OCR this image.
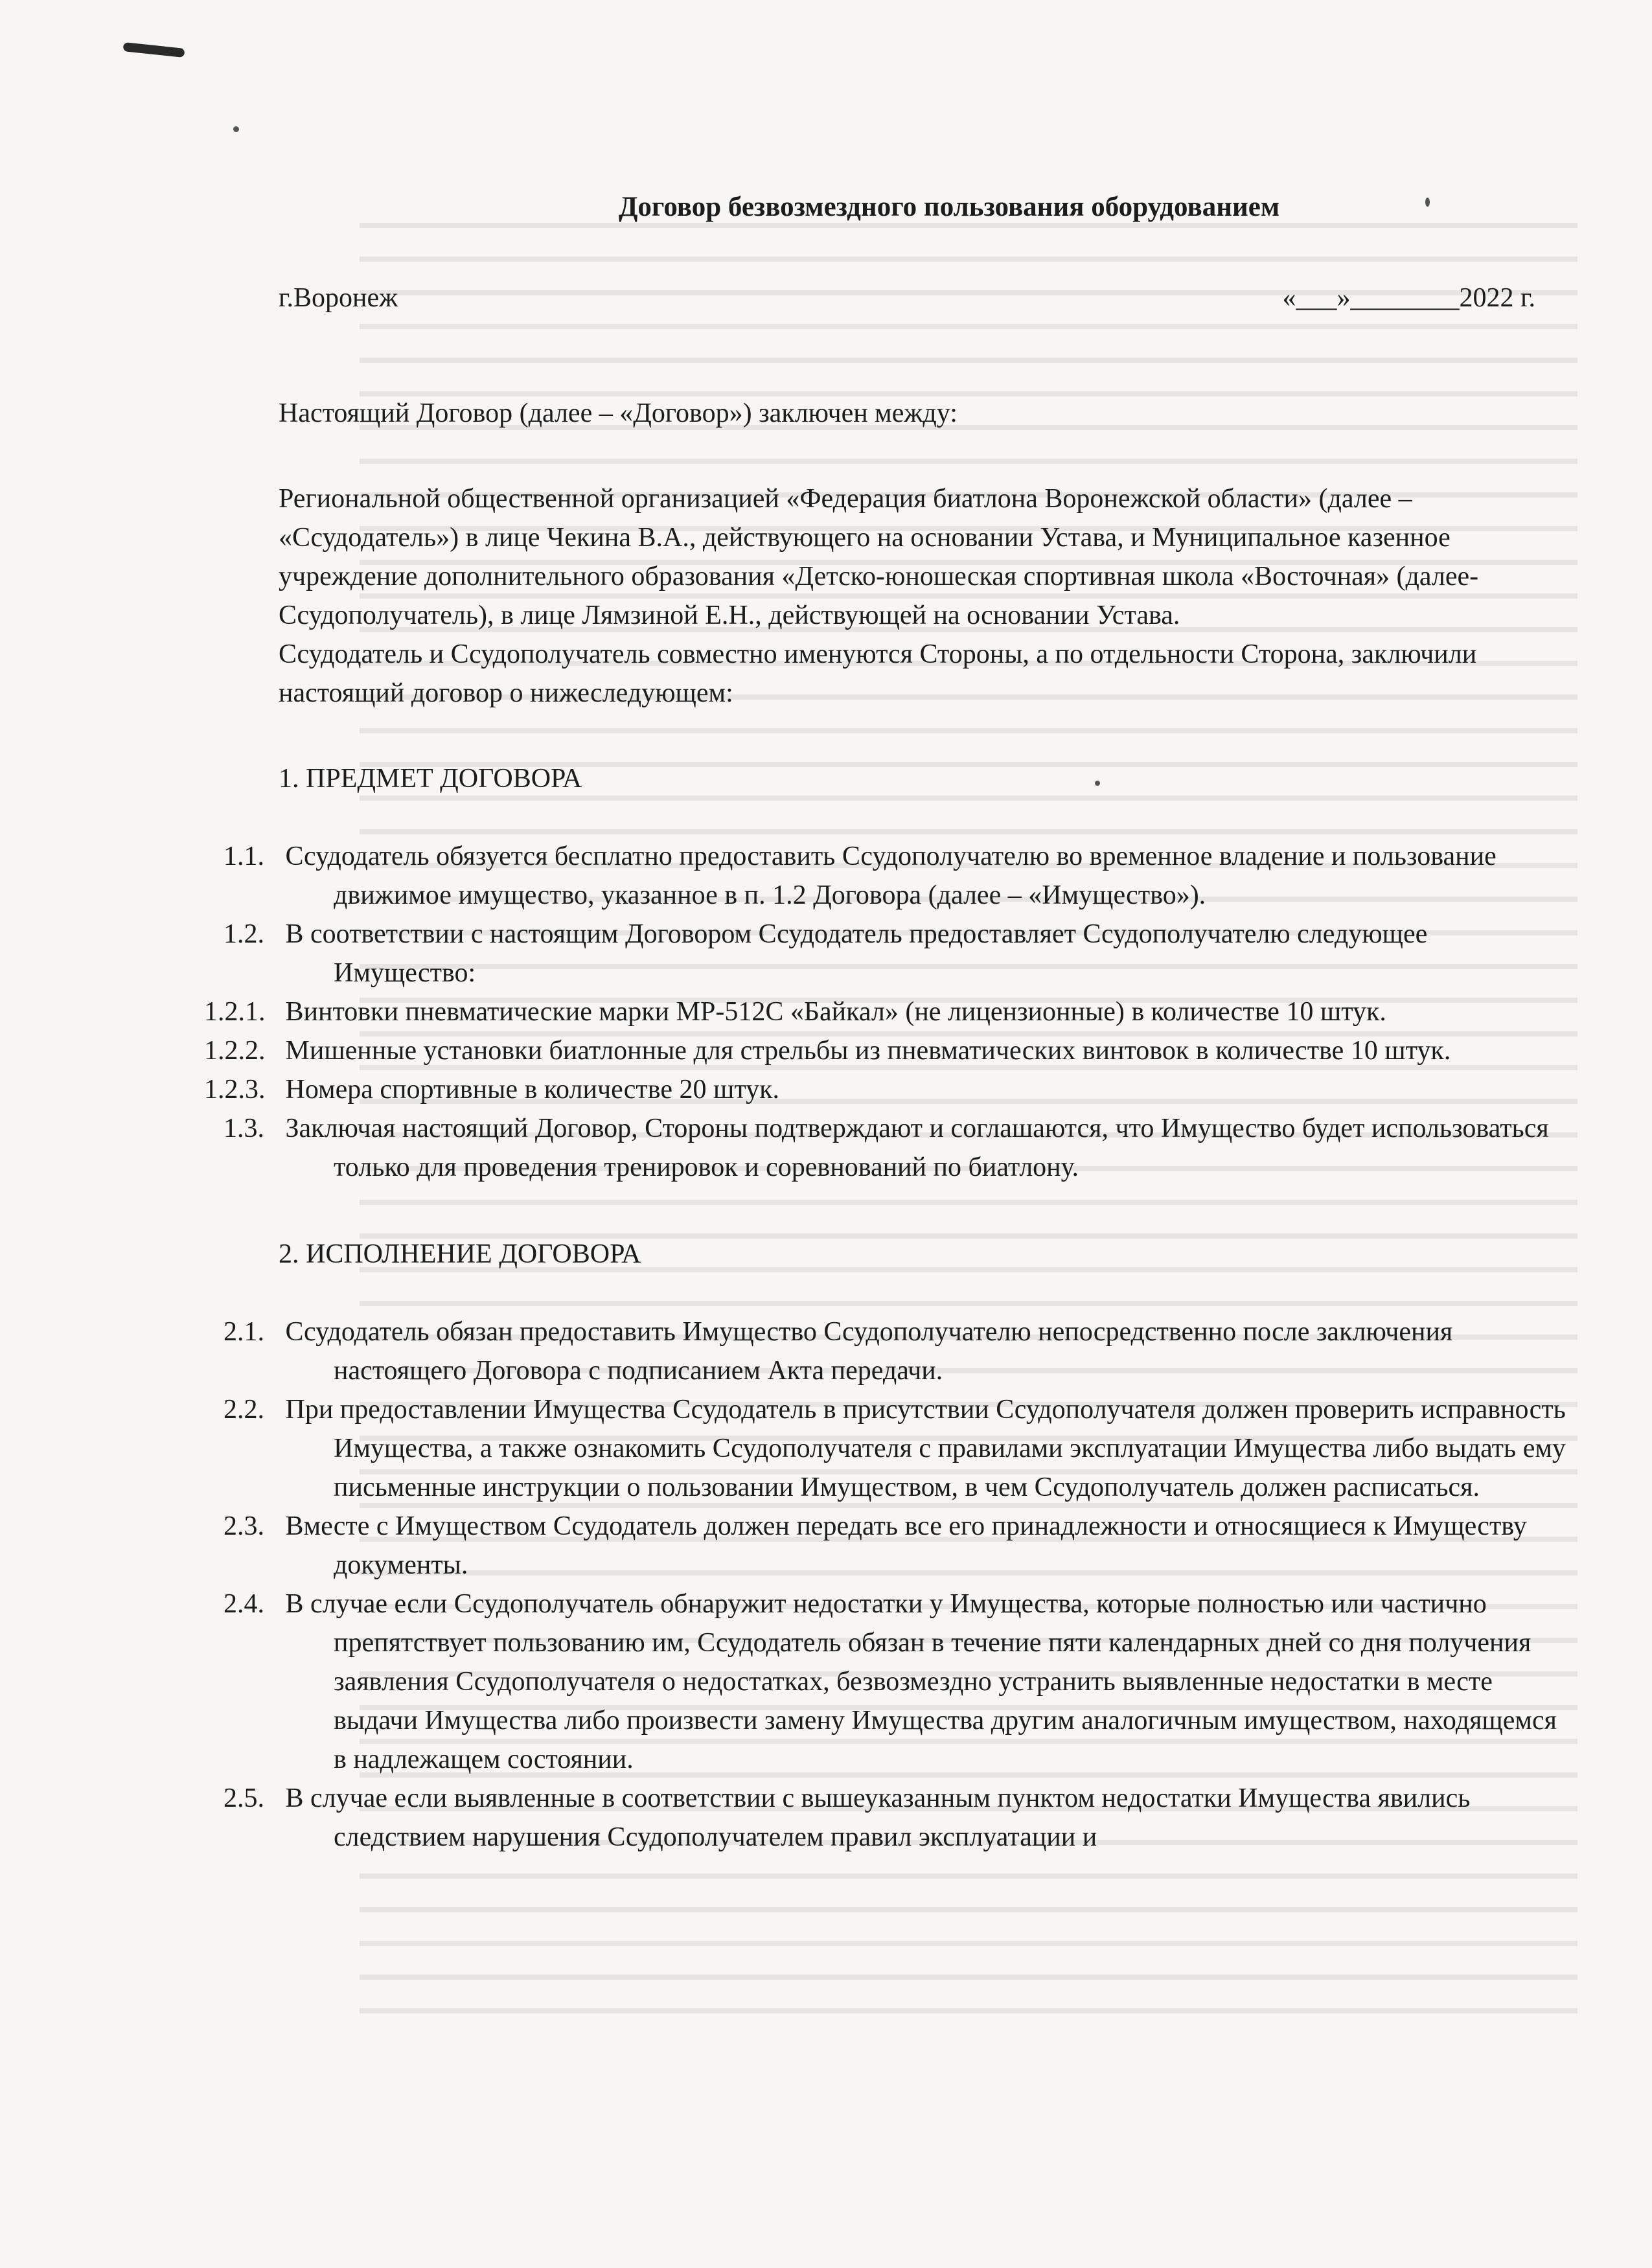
Договор безвозмездного пользования оборудованием

г.Воронеж	«___»________2022 г.

Настоящий Договор (далее – «Договор») заключен между:

Региональной общественной организацией «Федерация биатлона Воронежской области» (далее – «Ссудодатель») в лице Чекина В.А., действующего на основании Устава, и Муниципальное казенное учреждение дополнительного образования «Детско-юношеская спортивная школа «Восточная» (далее- Ссудополучатель), в лице Лямзиной Е.Н., действующей на основании Устава.

Ссудодатель и Ссудополучатель совместно именуются Стороны, а по отдельности Сторона, заключили настоящий договор о нижеследующем:

1. ПРЕДМЕТ ДОГОВОРА

1.1. Ссудодатель обязуется бесплатно предоставить Ссудополучателю во временное владение и пользование движимое имущество, указанное в п. 1.2 Договора (далее – «Имущество»).

1.2. В соответствии с настоящим Договором Ссудодатель предоставляет Ссудополучателю следующее Имущество:

1.2.1. Винтовки пневматические марки МР-512С «Байкал» (не лицензионные) в количестве 10 штук.

1.2.2. Мишенные установки биатлонные для стрельбы из пневматических винтовок в количестве 10 штук.

1.2.3. Номера спортивные в количестве 20 штук.

1.3. Заключая настоящий Договор, Стороны подтверждают и соглашаются, что Имущество будет использоваться только для проведения тренировок и соревнований по биатлону.

2. ИСПОЛНЕНИЕ ДОГОВОРА

2.1. Ссудодатель обязан предоставить Имущество Ссудополучателю непосредственно после заключения настоящего Договора с подписанием Акта передачи.

2.2. При предоставлении Имущества Ссудодатель в присутствии Ссудополучателя должен проверить исправность Имущества, а также ознакомить Ссудополучателя с правилами эксплуатации Имущества либо выдать ему письменные инструкции о пользовании Имуществом, в чем Ссудополучатель должен расписаться.

2.3. Вместе с Имуществом Ссудодатель должен передать все его принадлежности и относящиеся к Имуществу документы.

2.4. В случае если Ссудополучатель обнаружит недостатки у Имущества, которые полностью или частично препятствует пользованию им, Ссудодатель обязан в течение пяти календарных дней со дня получения заявления Ссудополучателя о недостатках, безвозмездно устранить выявленные недостатки в месте выдачи Имущества либо произвести замену Имущества другим аналогичным имуществом, находящемся в надлежащем состоянии.

2.5. В случае если выявленные в соответствии с вышеуказанным пунктом недостатки Имущества явились следствием нарушения Ссудополучателем правил эксплуатации и
